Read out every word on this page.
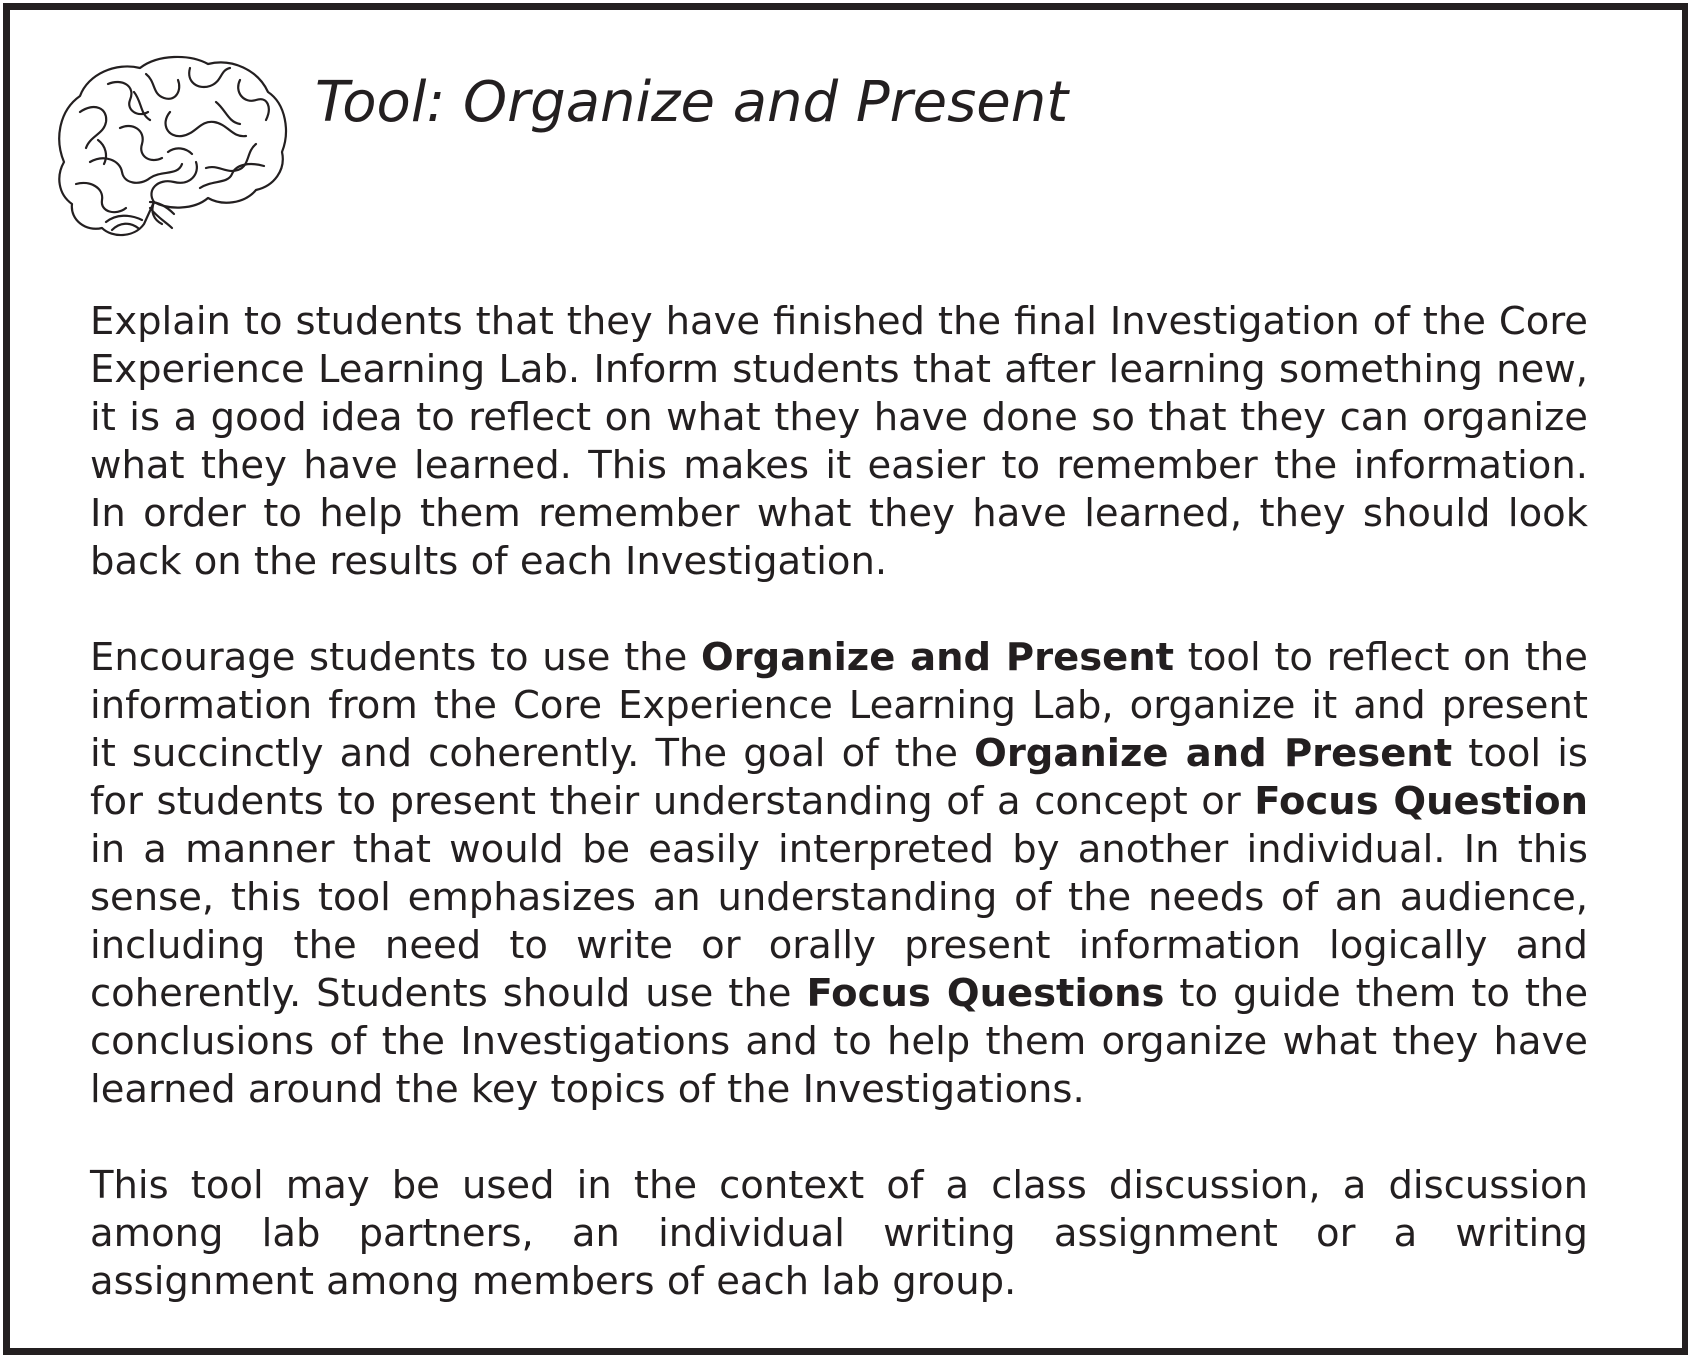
Tool: Organize and Present

Explain to students that they have finished the final Investigation of the Core Experience Learning Lab. Inform students that after learning something new, it is a good idea to reflect on what they have done so that they can organize what they have learned. This makes it easier to remember the information. In order to help them remember what they have learned, they should look back on the results of each Investigation.

Encourage students to use the Organize and Present tool to reflect on the information from the Core Experience Learning Lab, organize it and present it succinctly and coherently. The goal of the Organize and Present tool is for students to present their understanding of a concept or Focus Question in a manner that would be easily interpreted by another individual. In this sense, this tool emphasizes an understanding of the needs of an audience, including the need to write or orally present information logically and coherently. Students should use the Focus Questions to guide them to the conclusions of the Investigations and to help them organize what they have learned around the key topics of the Investigations.

This tool may be used in the context of a class discussion, a discussion among lab partners, an individual writing assignment or a writing assignment among members of each lab group.
